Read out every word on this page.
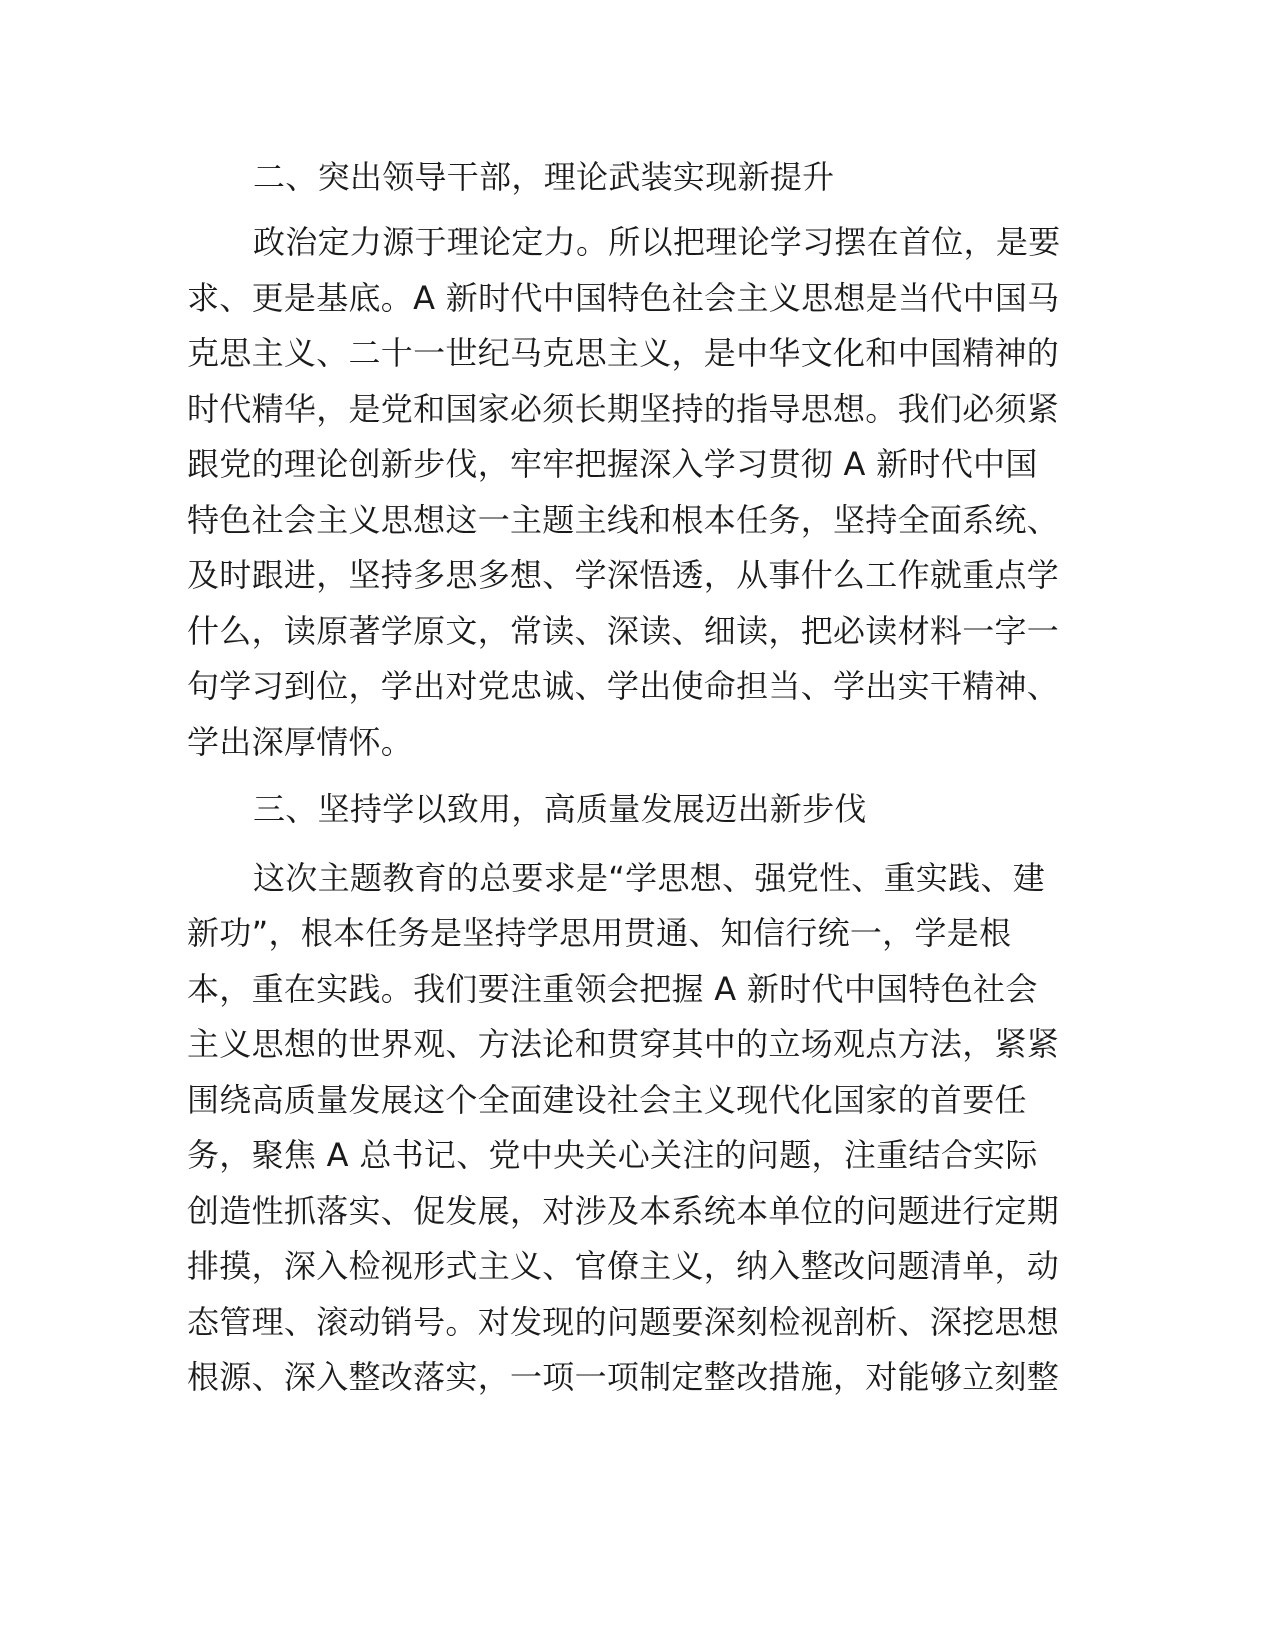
二、突出领导干部，理论武装实现新提升
政治定力源于理论定力。所以把理论学习摆在首位，是要
求、更是基底。A 新时代中国特色社会主义思想是当代中国马
克思主义、二十一世纪马克思主义，是中华文化和中国精神的
时代精华，是党和国家必须长期坚持的指导思想。我们必须紧
跟党的理论创新步伐，牢牢把握深入学习贯彻 A 新时代中国
特色社会主义思想这一主题主线和根本任务，坚持全面系统、
及时跟进，坚持多思多想、学深悟透，从事什么工作就重点学
什么，读原著学原文，常读、深读、细读，把必读材料一字一
句学习到位，学出对党忠诚、学出使命担当、学出实干精神、
学出深厚情怀。
三、坚持学以致用，高质量发展迈出新步伐
这次主题教育的总要求是“学思想、强党性、重实践、建
新功”，根本任务是坚持学思用贯通、知信行统一，学是根
本，重在实践。我们要注重领会把握 A 新时代中国特色社会
主义思想的世界观、方法论和贯穿其中的立场观点方法，紧紧
围绕高质量发展这个全面建设社会主义现代化国家的首要任
务，聚焦 A 总书记、党中央关心关注的问题，注重结合实际
创造性抓落实、促发展，对涉及本系统本单位的问题进行定期
排摸，深入检视形式主义、官僚主义，纳入整改问题清单，动
态管理、滚动销号。对发现的问题要深刻检视剖析、深挖思想
根源、深入整改落实，一项一项制定整改措施，对能够立刻整
